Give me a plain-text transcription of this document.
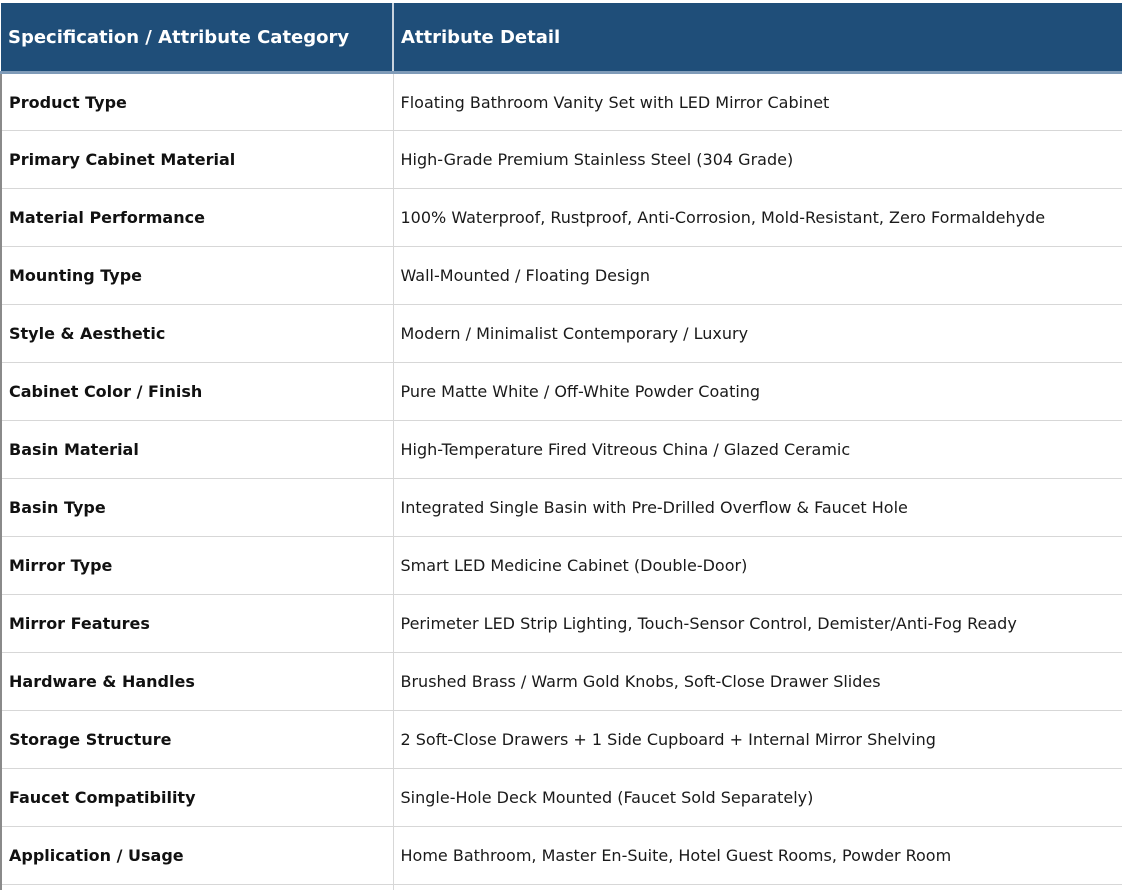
Specification / Attribute Category	Attribute Detail
Product Type	Floating Bathroom Vanity Set with LED Mirror Cabinet
Primary Cabinet Material	High-Grade Premium Stainless Steel (304 Grade)
Material Performance	100% Waterproof, Rustproof, Anti-Corrosion, Mold-Resistant, Zero Formaldehyde
Mounting Type	Wall-Mounted / Floating Design
Style & Aesthetic	Modern / Minimalist Contemporary / Luxury
Cabinet Color / Finish	Pure Matte White / Off-White Powder Coating
Basin Material	High-Temperature Fired Vitreous China / Glazed Ceramic
Basin Type	Integrated Single Basin with Pre-Drilled Overflow & Faucet Hole
Mirror Type	Smart LED Medicine Cabinet (Double-Door)
Mirror Features	Perimeter LED Strip Lighting, Touch-Sensor Control, Demister/Anti-Fog Ready
Hardware & Handles	Brushed Brass / Warm Gold Knobs, Soft-Close Drawer Slides
Storage Structure	2 Soft-Close Drawers + 1 Side Cupboard + Internal Mirror Shelving
Faucet Compatibility	Single-Hole Deck Mounted (Faucet Sold Separately)
Application / Usage	Home Bathroom, Master En-Suite, Hotel Guest Rooms, Powder Room
